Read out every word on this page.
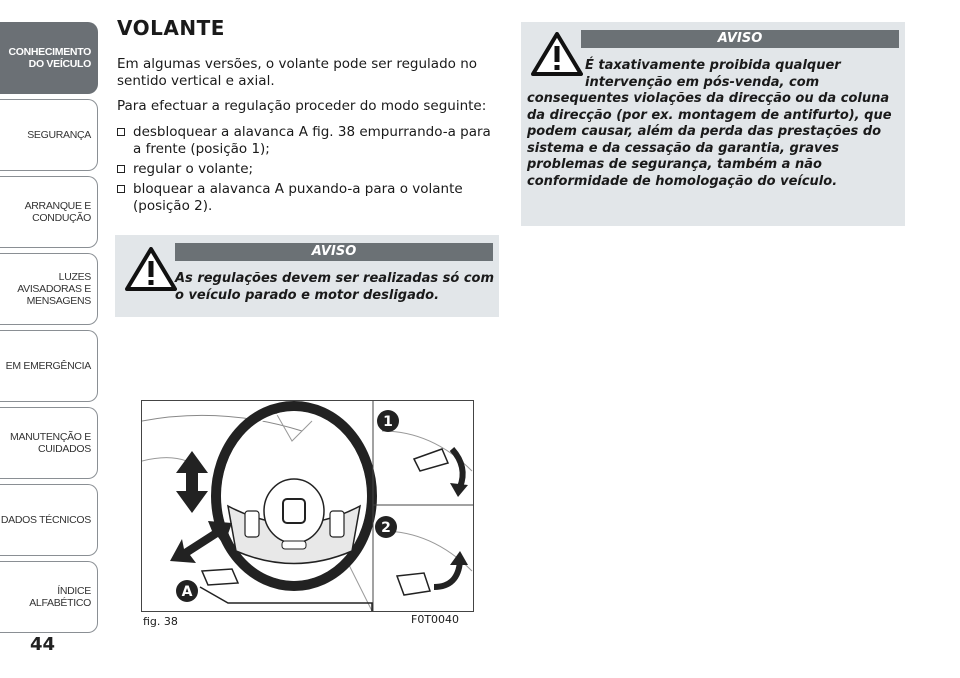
CONHECIMENTO DO VEÍCULO
SEGURANÇA
ARRANQUE E CONDUÇÃO
LUZES AVISADORAS E MENSAGENS
EM EMERGÊNCIA
MANUTENÇÃO E CUIDADOS
DADOS TÉCNICOS
ÍNDICE ALFABÉTICO
44
VOLANTE

Em algumas versões, o volante pode ser regulado no sentido vertical e axial.

Para efectuar a regulação proceder do modo seguinte:

desbloquear a alavanca A fig. 38 empurrando-a para a frente (posição 1);
regular o volante;
bloquear a alavanca A puxando-a para o volante (posição 2).
AVISO

As regulações devem ser realizadas só com o veículo parado e motor desligado.

1
2
A
fig. 38	F0T0040
AVISO

É taxativamente proibida qualquer intervenção em pós-venda, com

consequentes violações da direcção ou da coluna da direcção (por ex. montagem de antifurto), que podem causar, além da perda das prestações do sistema e da cessação da garantia, graves problemas de segurança, também a não conformidade de homologação do veículo.
